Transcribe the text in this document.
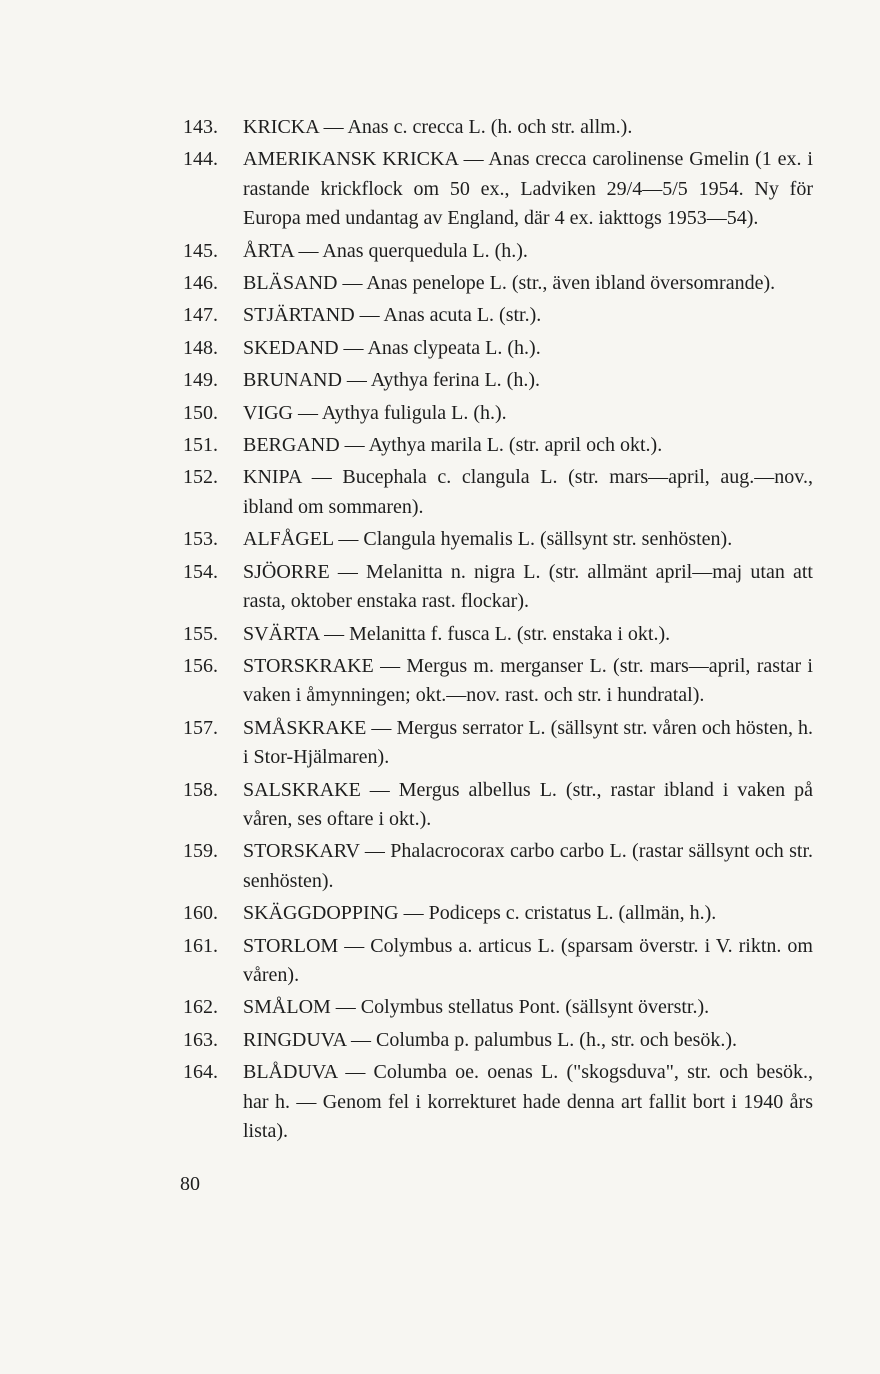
143.	KRICKA — Anas c. crecca L. (h. och str. allm.).
144.	AMERIKANSK KRICKA — Anas crecca carolinense Gmelin (1 ex. i rastande krickflock om 50 ex., Ladviken 29/4—5/5 1954. Ny för Europa med undantag av England, där 4 ex. iakttogs 1953—54).
145.	ÅRTA — Anas querquedula L. (h.).
146.	BLÄSAND — Anas penelope L. (str., även ibland översomrande).
147.	STJÄRTAND — Anas acuta L. (str.).
148.	SKEDAND — Anas clypeata L. (h.).
149.	BRUNAND — Aythya ferina L. (h.).
150.	VIGG — Aythya fuligula L. (h.).
151.	BERGAND — Aythya marila L. (str. april och okt.).
152.	KNIPA — Bucephala c. clangula L. (str. mars—april, aug.—nov., ibland om sommaren).
153.	ALFÅGEL — Clangula hyemalis L. (sällsynt str. senhösten).
154.	SJÖORRE — Melanitta n. nigra L. (str. allmänt april—maj utan att rasta, oktober enstaka rast. flockar).
155.	SVÄRTA — Melanitta f. fusca L. (str. enstaka i okt.).
156.	STORSKRAKE — Mergus m. merganser L. (str. mars—april, rastar i vaken i åmynningen; okt.—nov. rast. och str. i hundratal).
157.	SMÅSKRAKE — Mergus serrator L. (sällsynt str. våren och hösten, h. i Stor-Hjälmaren).
158.	SALSKRAKE — Mergus albellus L. (str., rastar ibland i vaken på våren, ses oftare i okt.).
159.	STORSKARV — Phalacrocorax carbo carbo L. (rastar sällsynt och str. senhösten).
160.	SKÄGGDOPPING — Podiceps c. cristatus L. (allmän, h.).
161.	STORLOM — Colymbus a. articus L. (sparsam överstr. i V. riktn. om våren).
162.	SMÅLOM — Colymbus stellatus Pont. (sällsynt överstr.).
163.	RINGDUVA — Columba p. palumbus L. (h., str. och besök.).
164.	BLÅDUVA — Columba oe. oenas L. ("skogsduva", str. och besök., har h. — Genom fel i korrekturet hade denna art fallit bort i 1940 års lista).
80
